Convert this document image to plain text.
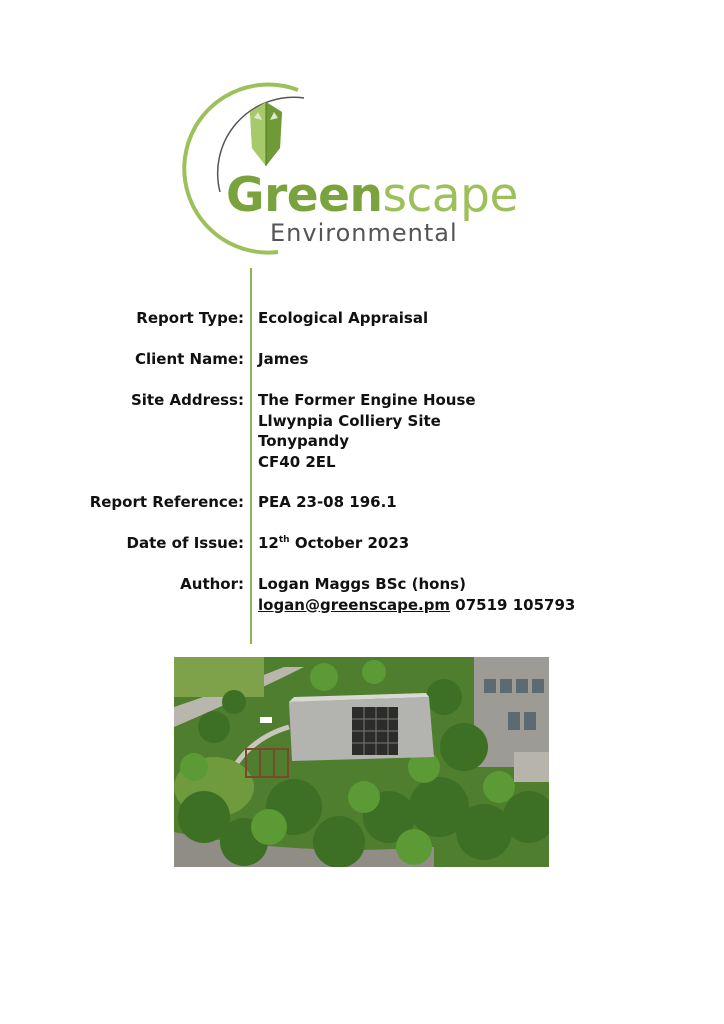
Greenscape
Environmental
Report Type: Ecological Appraisal
Client Name: James
Site Address: The Former Engine House
Llwynpia Colliery Site
Tonypandy
CF40 2EL
Report Reference: PEA 23-08 196.1
Date of Issue: 12th October 2023
Author: Logan Maggs BSc (hons)
logan@greenscape.pm 07519 105793
